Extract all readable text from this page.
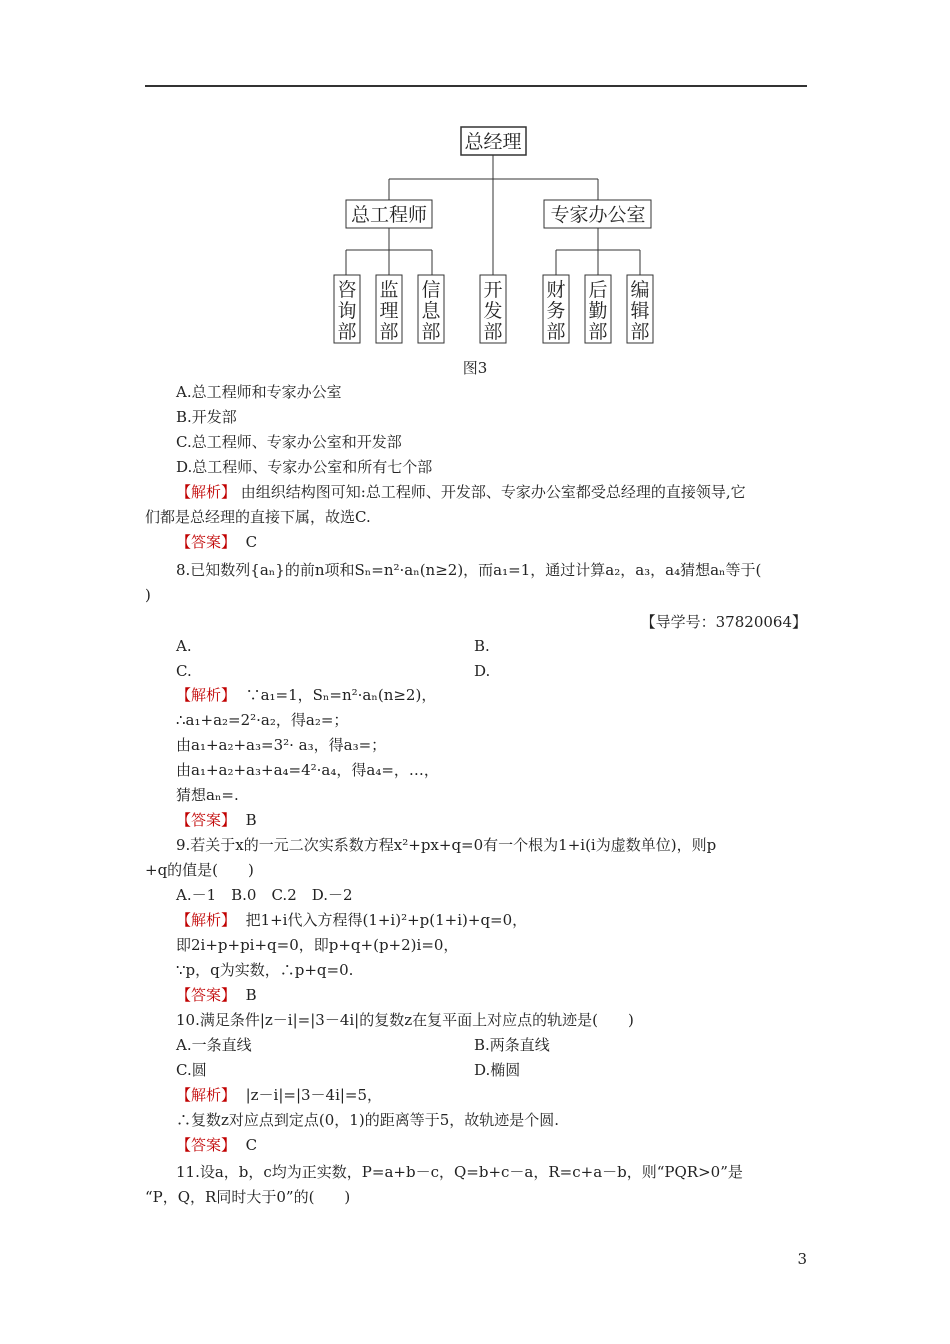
总经理
总工程师	专家办公室
咨
询
部
监
理
部
信
息
部
开
发
部
财
务
部
后
勤
部
编
辑
部
图3
A.总工程师和专家办公室
B.开发部
C.总工程师、专家办公室和开发部
D.总工程师、专家办公室和所有七个部
【解析】 由组织结构图可知:总工程师、开发部、专家办公室都受总经理的直接领导,它
们都是总经理的直接下属，故选C.
【答案】 C
8.已知数列{aₙ}的前n项和Sₙ=n²·aₙ(n≥2)，而a₁=1，通过计算a₂，a₃，a₄猜想aₙ等于(
)
【导学号：37820064】
A.	B.
C.	D.
【解析】 ∵a₁=1，Sₙ=n²·aₙ(n≥2)，
∴a₁+a₂=2²·a₂，得a₂=；
由a₁+a₂+a₃=3²· a₃，得a₃=；
由a₁+a₂+a₃+a₄=4²·a₄，得a₄=，…，
猜想aₙ=.
【答案】 B
9.若关于x的一元二次实系数方程x²+px+q=0有一个根为1+i(i为虚数单位)，则p
+q的值是(　　)
A.－1　B.0　C.2　D.－2
【解析】 把1+i代入方程得(1+i)²+p(1+i)+q=0，
即2i+p+pi+q=0，即p+q+(p+2)i=0，
∵p，q为实数，∴p+q=0.
【答案】 B
10.满足条件|z－i|=|3－4i|的复数z在复平面上对应点的轨迹是(　　)
A.一条直线	B.两条直线
C.圆	D.椭圆
【解析】 |z－i|=|3－4i|=5，
∴复数z对应点到定点(0，1)的距离等于5，故轨迹是个圆.
【答案】 C
11.设a，b，c均为正实数，P=a+b－c，Q=b+c－a，R=c+a－b，则“PQR>0”是
“P，Q，R同时大于0”的(　　)
3
